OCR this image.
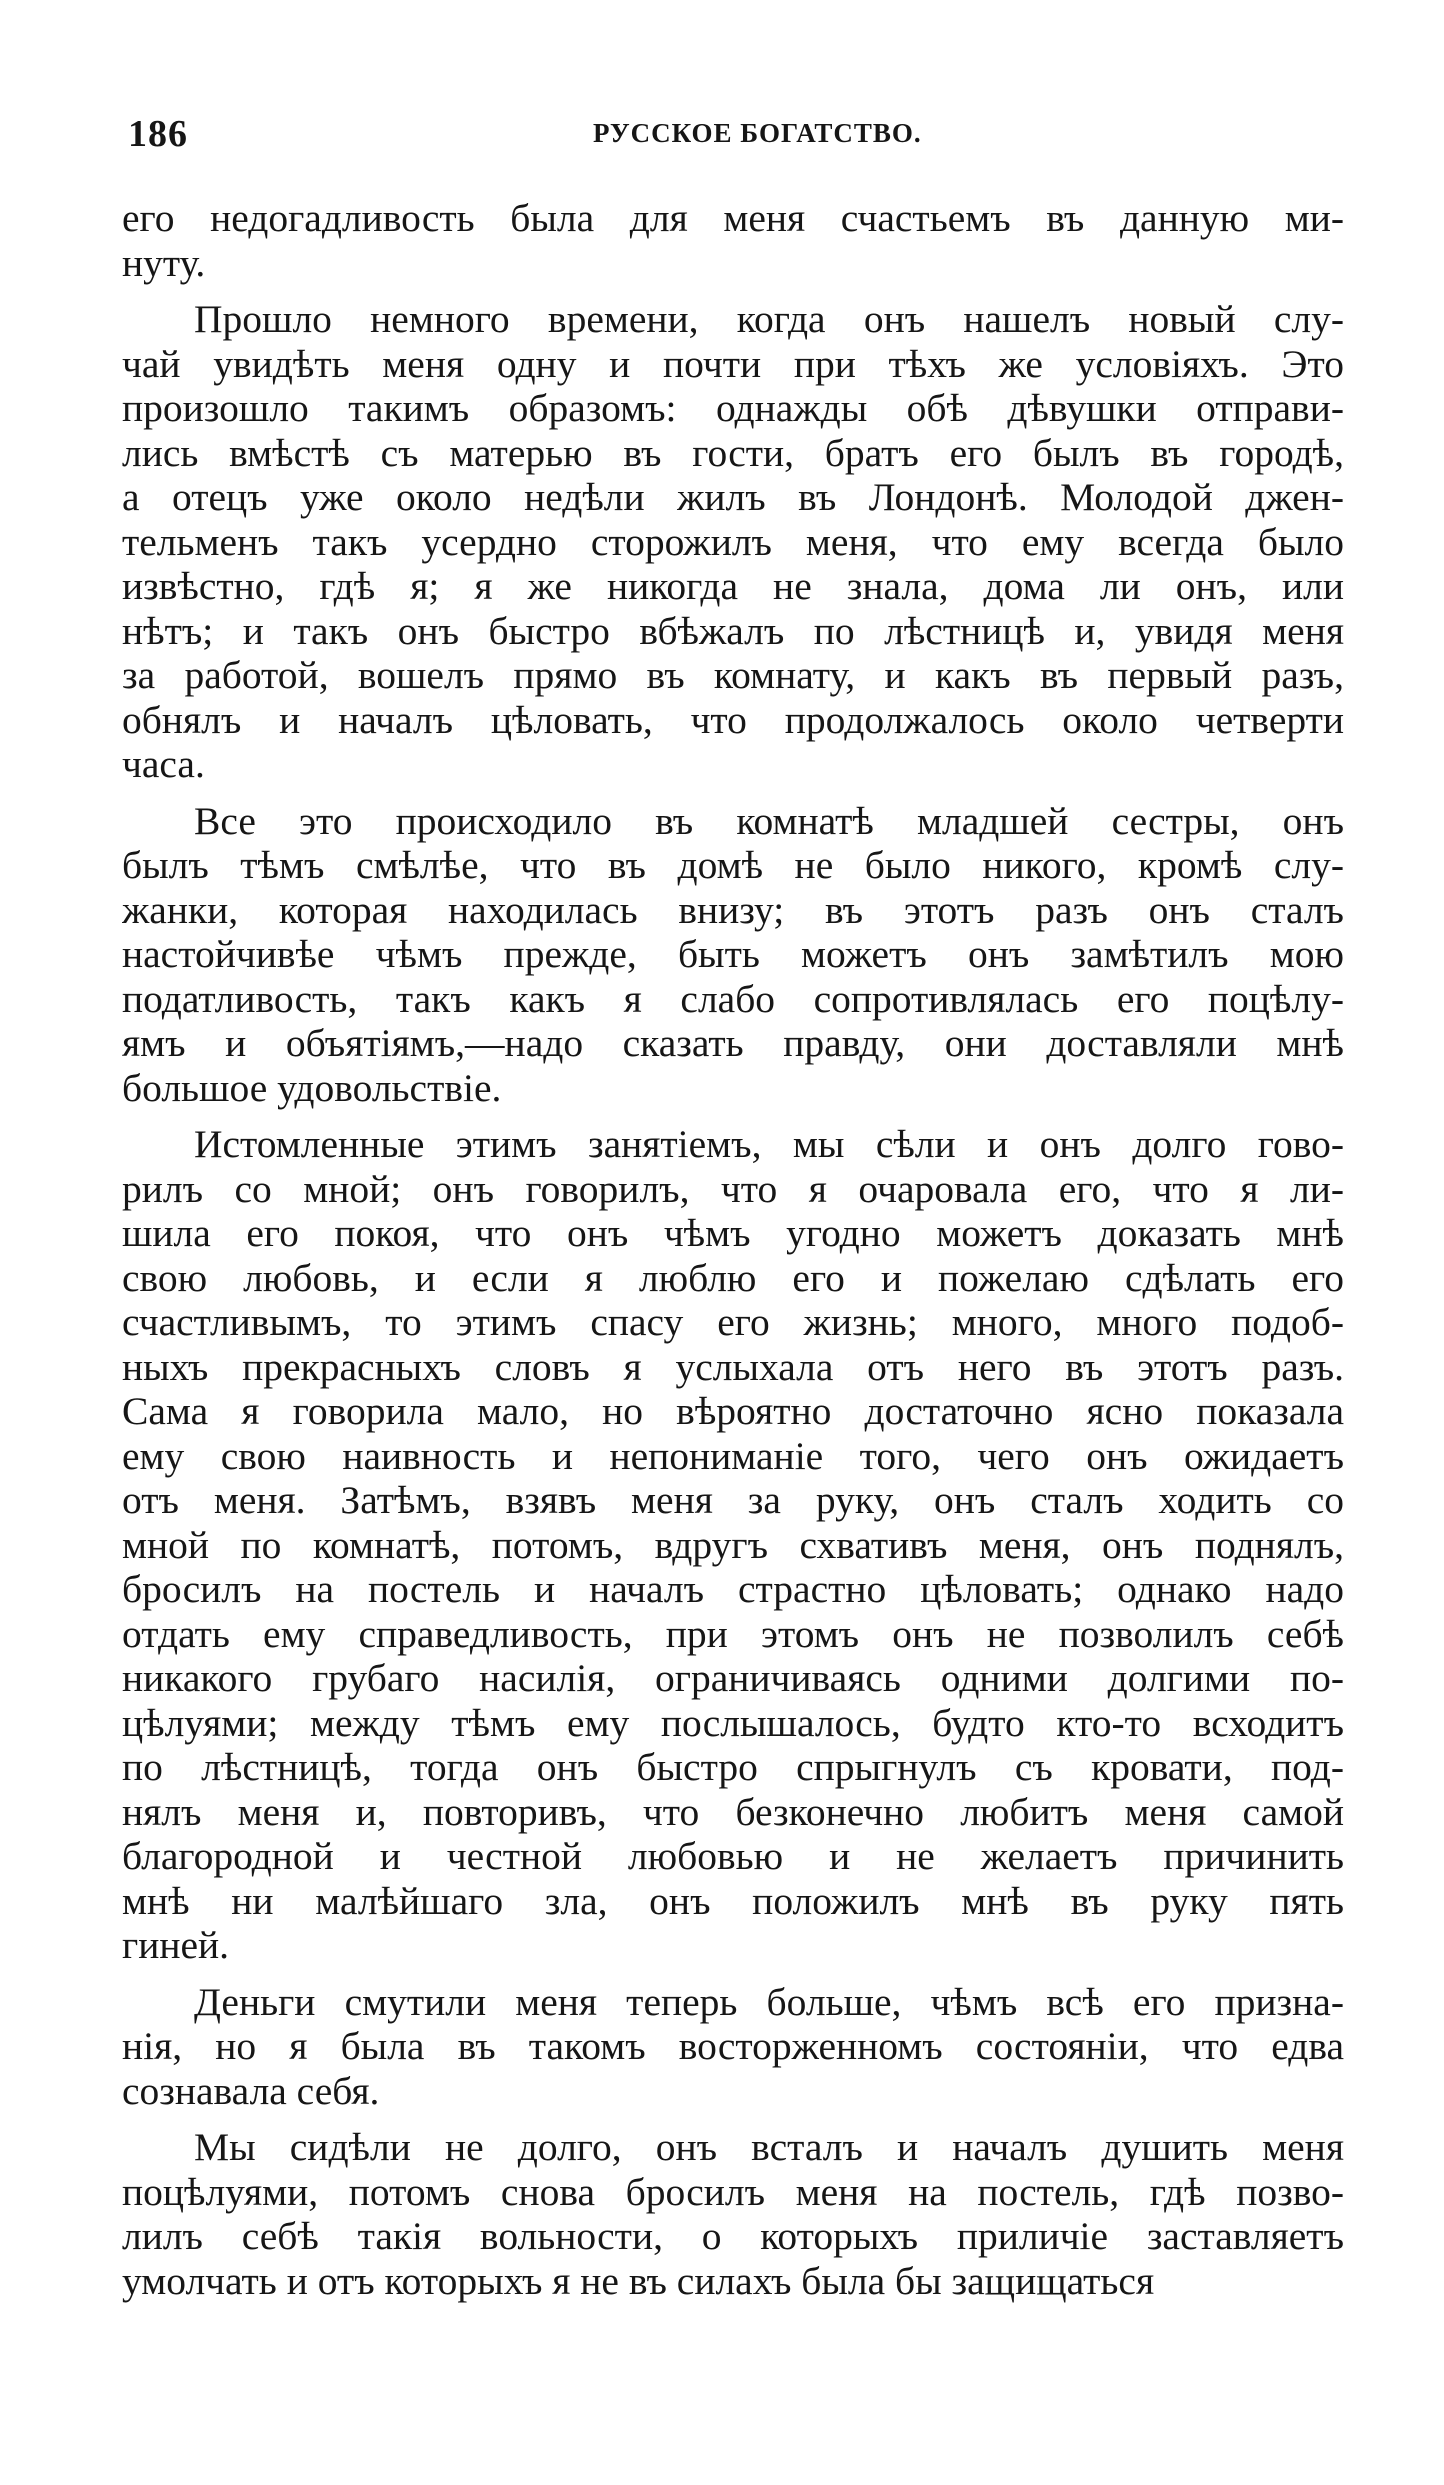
186	РУССКОЕ БОГАТСТВО.
его недогадливость была для меня счастьемъ въ данную ми-
нуту.
Прошло немного времени, когда онъ нашелъ новый слу-
чай увидѣть меня одну и почти при тѣхъ же условіяхъ. Это
произошло такимъ образомъ: однажды обѣ дѣвушки отправи-
лись вмѣстѣ съ матерью въ гости, братъ его былъ въ городѣ,
а отецъ уже около недѣли жилъ въ Лондонѣ. Молодой джен-
тельменъ такъ усердно сторожилъ меня, что ему всегда было
извѣстно, гдѣ я; я же никогда не знала, дома ли онъ, или
нѣтъ; и такъ онъ быстро вбѣжалъ по лѣстницѣ и, увидя меня
за работой, вошелъ прямо въ комнату, и какъ въ первый разъ,
обнялъ и началъ цѣловать, что продолжалось около четверти
часа.
Все это происходило въ комнатѣ младшей сестры, онъ
былъ тѣмъ смѣлѣе, что въ домѣ не было никого, кромѣ слу-
жанки, которая находилась внизу; въ этотъ разъ онъ сталъ
настойчивѣе чѣмъ прежде, быть можетъ онъ замѣтилъ мою
податливость, такъ какъ я слабо сопротивлялась его поцѣлу-
ямъ и объятіямъ,—надо сказать правду, они доставляли мнѣ
большое удовольствіе.
Истомленные этимъ занятіемъ, мы сѣли и онъ долго гово-
рилъ со мной; онъ говорилъ, что я очаровала его, что я ли-
шила его покоя, что онъ чѣмъ угодно можетъ доказать мнѣ
свою любовь, и если я люблю его и пожелаю сдѣлать его
счастливымъ, то этимъ спасу его жизнь; много, много подоб-
ныхъ прекрасныхъ словъ я услыхала отъ него въ этотъ разъ.
Сама я говорила мало, но вѣроятно достаточно ясно показала
ему свою наивность и непониманіе того, чего онъ ожидаетъ
отъ меня. Затѣмъ, взявъ меня за руку, онъ сталъ ходить со
мной по комнатѣ, потомъ, вдругъ схвативъ меня, онъ поднялъ,
бросилъ на постель и началъ страстно цѣловать; однако надо
отдать ему справедливость, при этомъ онъ не позволилъ себѣ
никакого грубаго насилія, ограничиваясь одними долгими по-
цѣлуями; между тѣмъ ему послышалось, будто кто-то всходитъ
по лѣстницѣ, тогда онъ быстро спрыгнулъ съ кровати, под-
нялъ меня и, повторивъ, что безконечно любитъ меня самой
благородной и честной любовью и не желаетъ причинить
мнѣ ни малѣйшаго зла, онъ положилъ мнѣ въ руку пять
гиней.
Деньги смутили меня теперь больше, чѣмъ всѣ его призна-
нія, но я была въ такомъ восторженномъ состояніи, что едва
сознавала себя.
Мы сидѣли не долго, онъ всталъ и началъ душить меня
поцѣлуями, потомъ снова бросилъ меня на постель, гдѣ позво-
лилъ себѣ такія вольности, о которыхъ приличіе заставляетъ
умолчать и отъ которыхъ я не въ силахъ была бы защищаться
